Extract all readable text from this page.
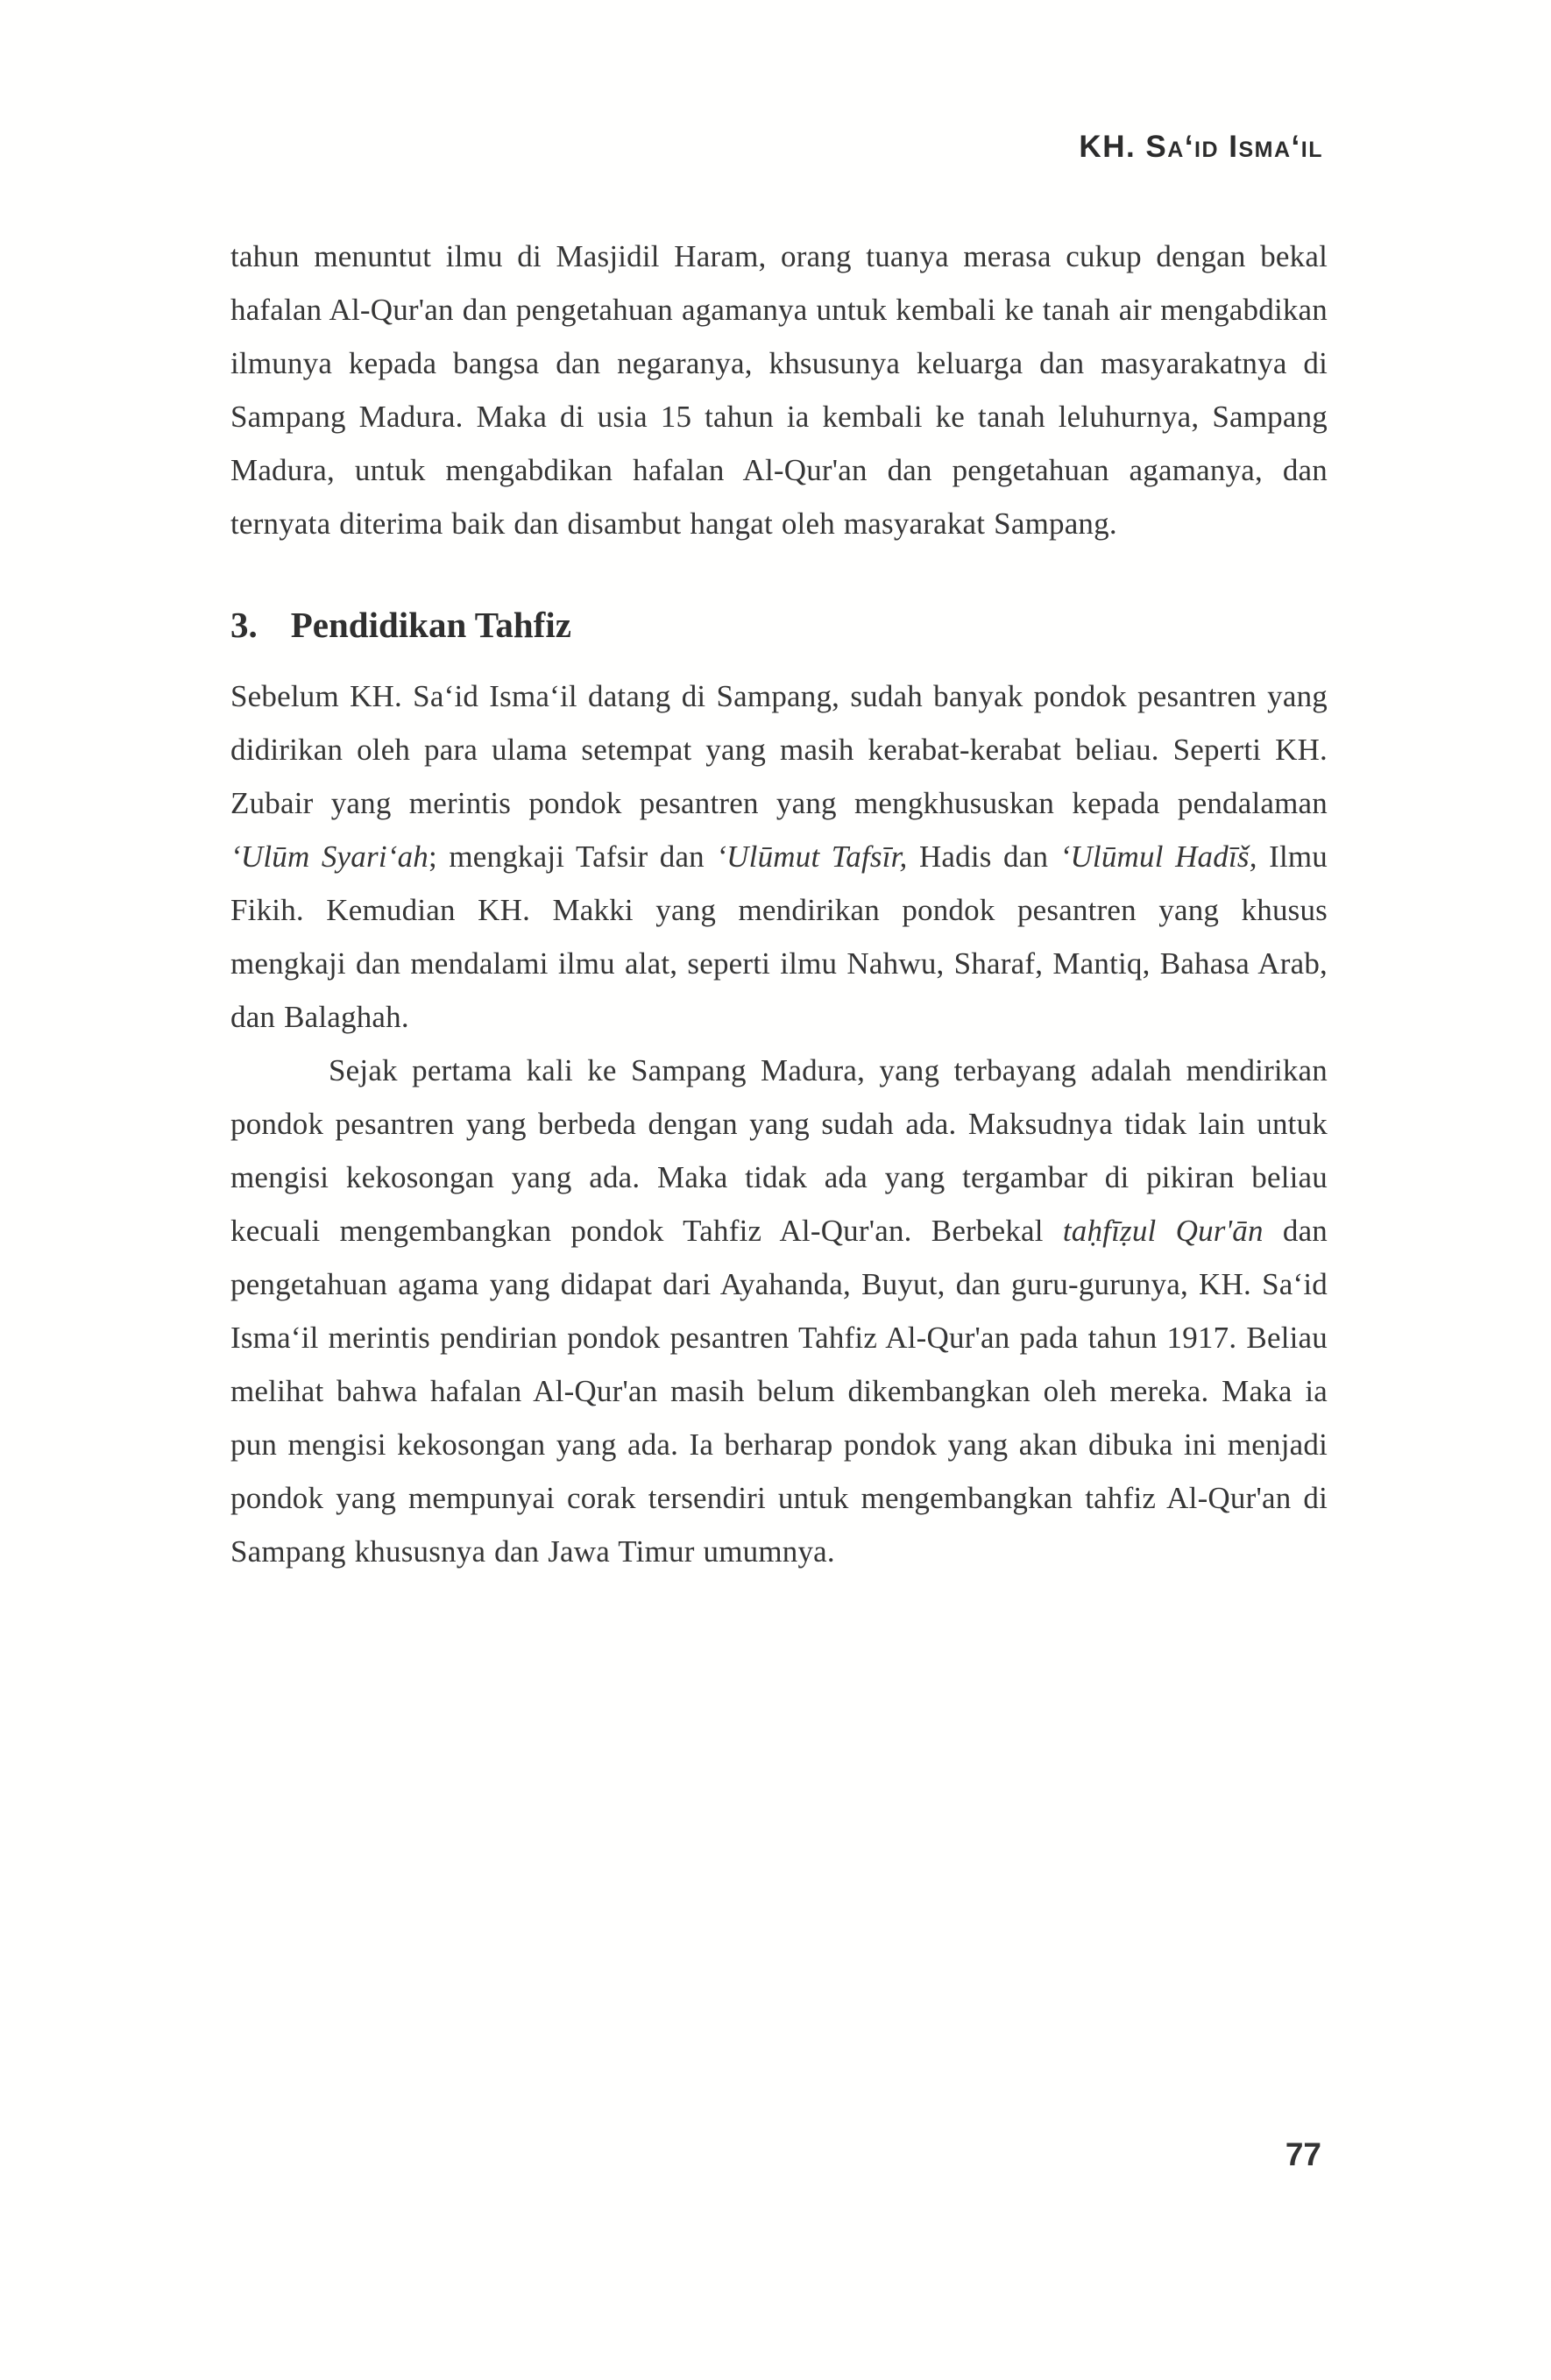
KH. Sa‘id Isma‘il

tahun menuntut ilmu di Masjidil Haram, orang tuanya merasa cukup dengan bekal hafalan Al-Qur'an dan pengetahuan agamanya untuk kembali ke tanah air mengabdikan ilmunya kepada bangsa dan negaranya, khsusunya keluarga dan masyarakatnya di Sampang Madura. Maka di usia 15 tahun ia kembali ke tanah leluhurnya, Sampang Madura, untuk mengabdikan hafalan Al-Qur'an dan pengetahuan agamanya, dan ternyata diterima baik dan disambut hangat oleh masyarakat Sampang.

3. Pendidikan Tahfiz

Sebelum KH. Sa‘id Isma‘il datang di Sampang, sudah banyak pondok pesantren yang didirikan oleh para ulama setempat yang masih kerabat-kerabat beliau. Seperti KH. Zubair yang merintis pondok pesantren yang mengkhususkan kepada pendalaman ‘Ulūm Syari‘ah; mengkaji Tafsir dan ‘Ulūmut Tafsīr, Hadis dan ‘Ulūmul Hadīš, Ilmu Fikih. Kemudian KH. Makki yang mendirikan pondok pesantren yang khusus mengkaji dan mendalami ilmu alat, seperti ilmu Nahwu, Sharaf, Mantiq, Bahasa Arab, dan Balaghah.

Sejak pertama kali ke Sampang Madura, yang terbayang adalah mendirikan pondok pesantren yang berbeda dengan yang sudah ada. Maksudnya tidak lain untuk mengisi kekosongan yang ada. Maka tidak ada yang tergambar di pikiran beliau kecuali mengembangkan pondok Tahfiz Al-Qur'an. Berbekal taḥfīẓul Qur'ān dan pengetahuan agama yang didapat dari Ayahanda, Buyut, dan guru-gurunya, KH. Sa‘id Isma‘il merintis pendirian pondok pesantren Tahfiz Al-Qur'an pada tahun 1917. Beliau melihat bahwa hafalan Al-Qur'an masih belum dikembangkan oleh mereka. Maka ia pun mengisi kekosongan yang ada. Ia berharap pondok yang akan dibuka ini menjadi pondok yang mempunyai corak tersendiri untuk mengembangkan tahfiz Al-Qur'an di Sampang khususnya dan Jawa Timur umumnya.

77
